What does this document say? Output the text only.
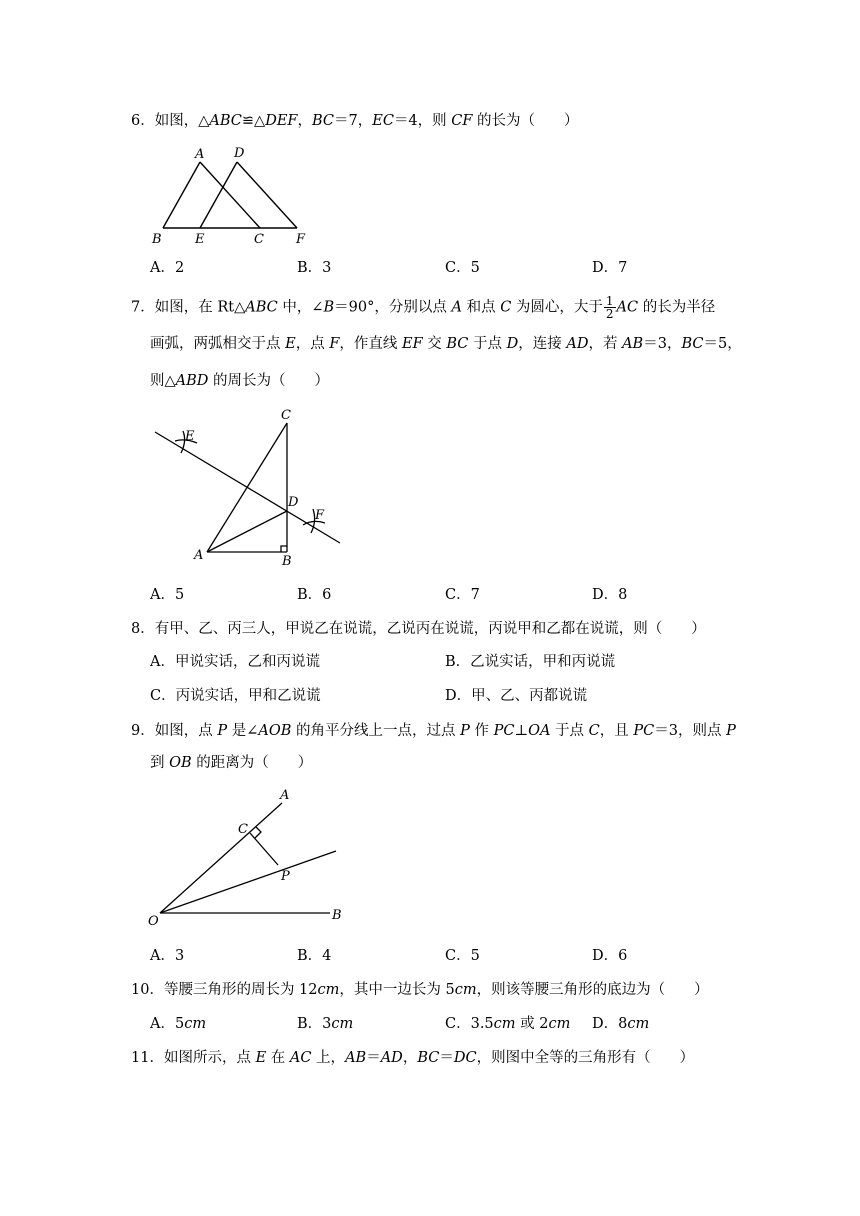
6．如图，△ABC≌△DEF，BC＝7，EC＝4，则 CF 的长为（　　）
A D
B	E	C F
A．2	B．3	C．5	D．7
7．如图，在 Rt△ABC 中，∠B＝90°，分别以点 A 和点 C 为圆心，大于 $\frac{1}{2}$ AC 的长为半径
画弧，两弧相交于点 E，点 F，作直线 EF 交 BC 于点 D，连接 AD，若 AB＝3，BC＝5，
则△ABD 的周长为（　　）
C
E
D
F
A	B
A．5	B．6	C．7	D．8
8．有甲、乙、丙三人，甲说乙在说谎，乙说丙在说谎，丙说甲和乙都在说谎，则（　　）
A．甲说实话，乙和丙说谎	B．乙说实话，甲和丙说谎
C．丙说实话，甲和乙说谎	D．甲、乙、丙都说谎
9．如图，点 P 是∠AOB 的角平分线上一点，过点 P 作 PC⊥OA 于点 C，且 PC＝3，则点 P
到 OB 的距离为（　　）
A
C
P
O	B
A．3	B．4	C．5	D．6
10．等腰三角形的周长为 12cm，其中一边长为 5cm，则该等腰三角形的底边为（　　）
A．5cm	B．3cm	C．3.5cm 或 2cm D．8cm
11．如图所示，点 E 在 AC 上，AB＝AD，BC＝DC，则图中全等的三角形有（　　）
